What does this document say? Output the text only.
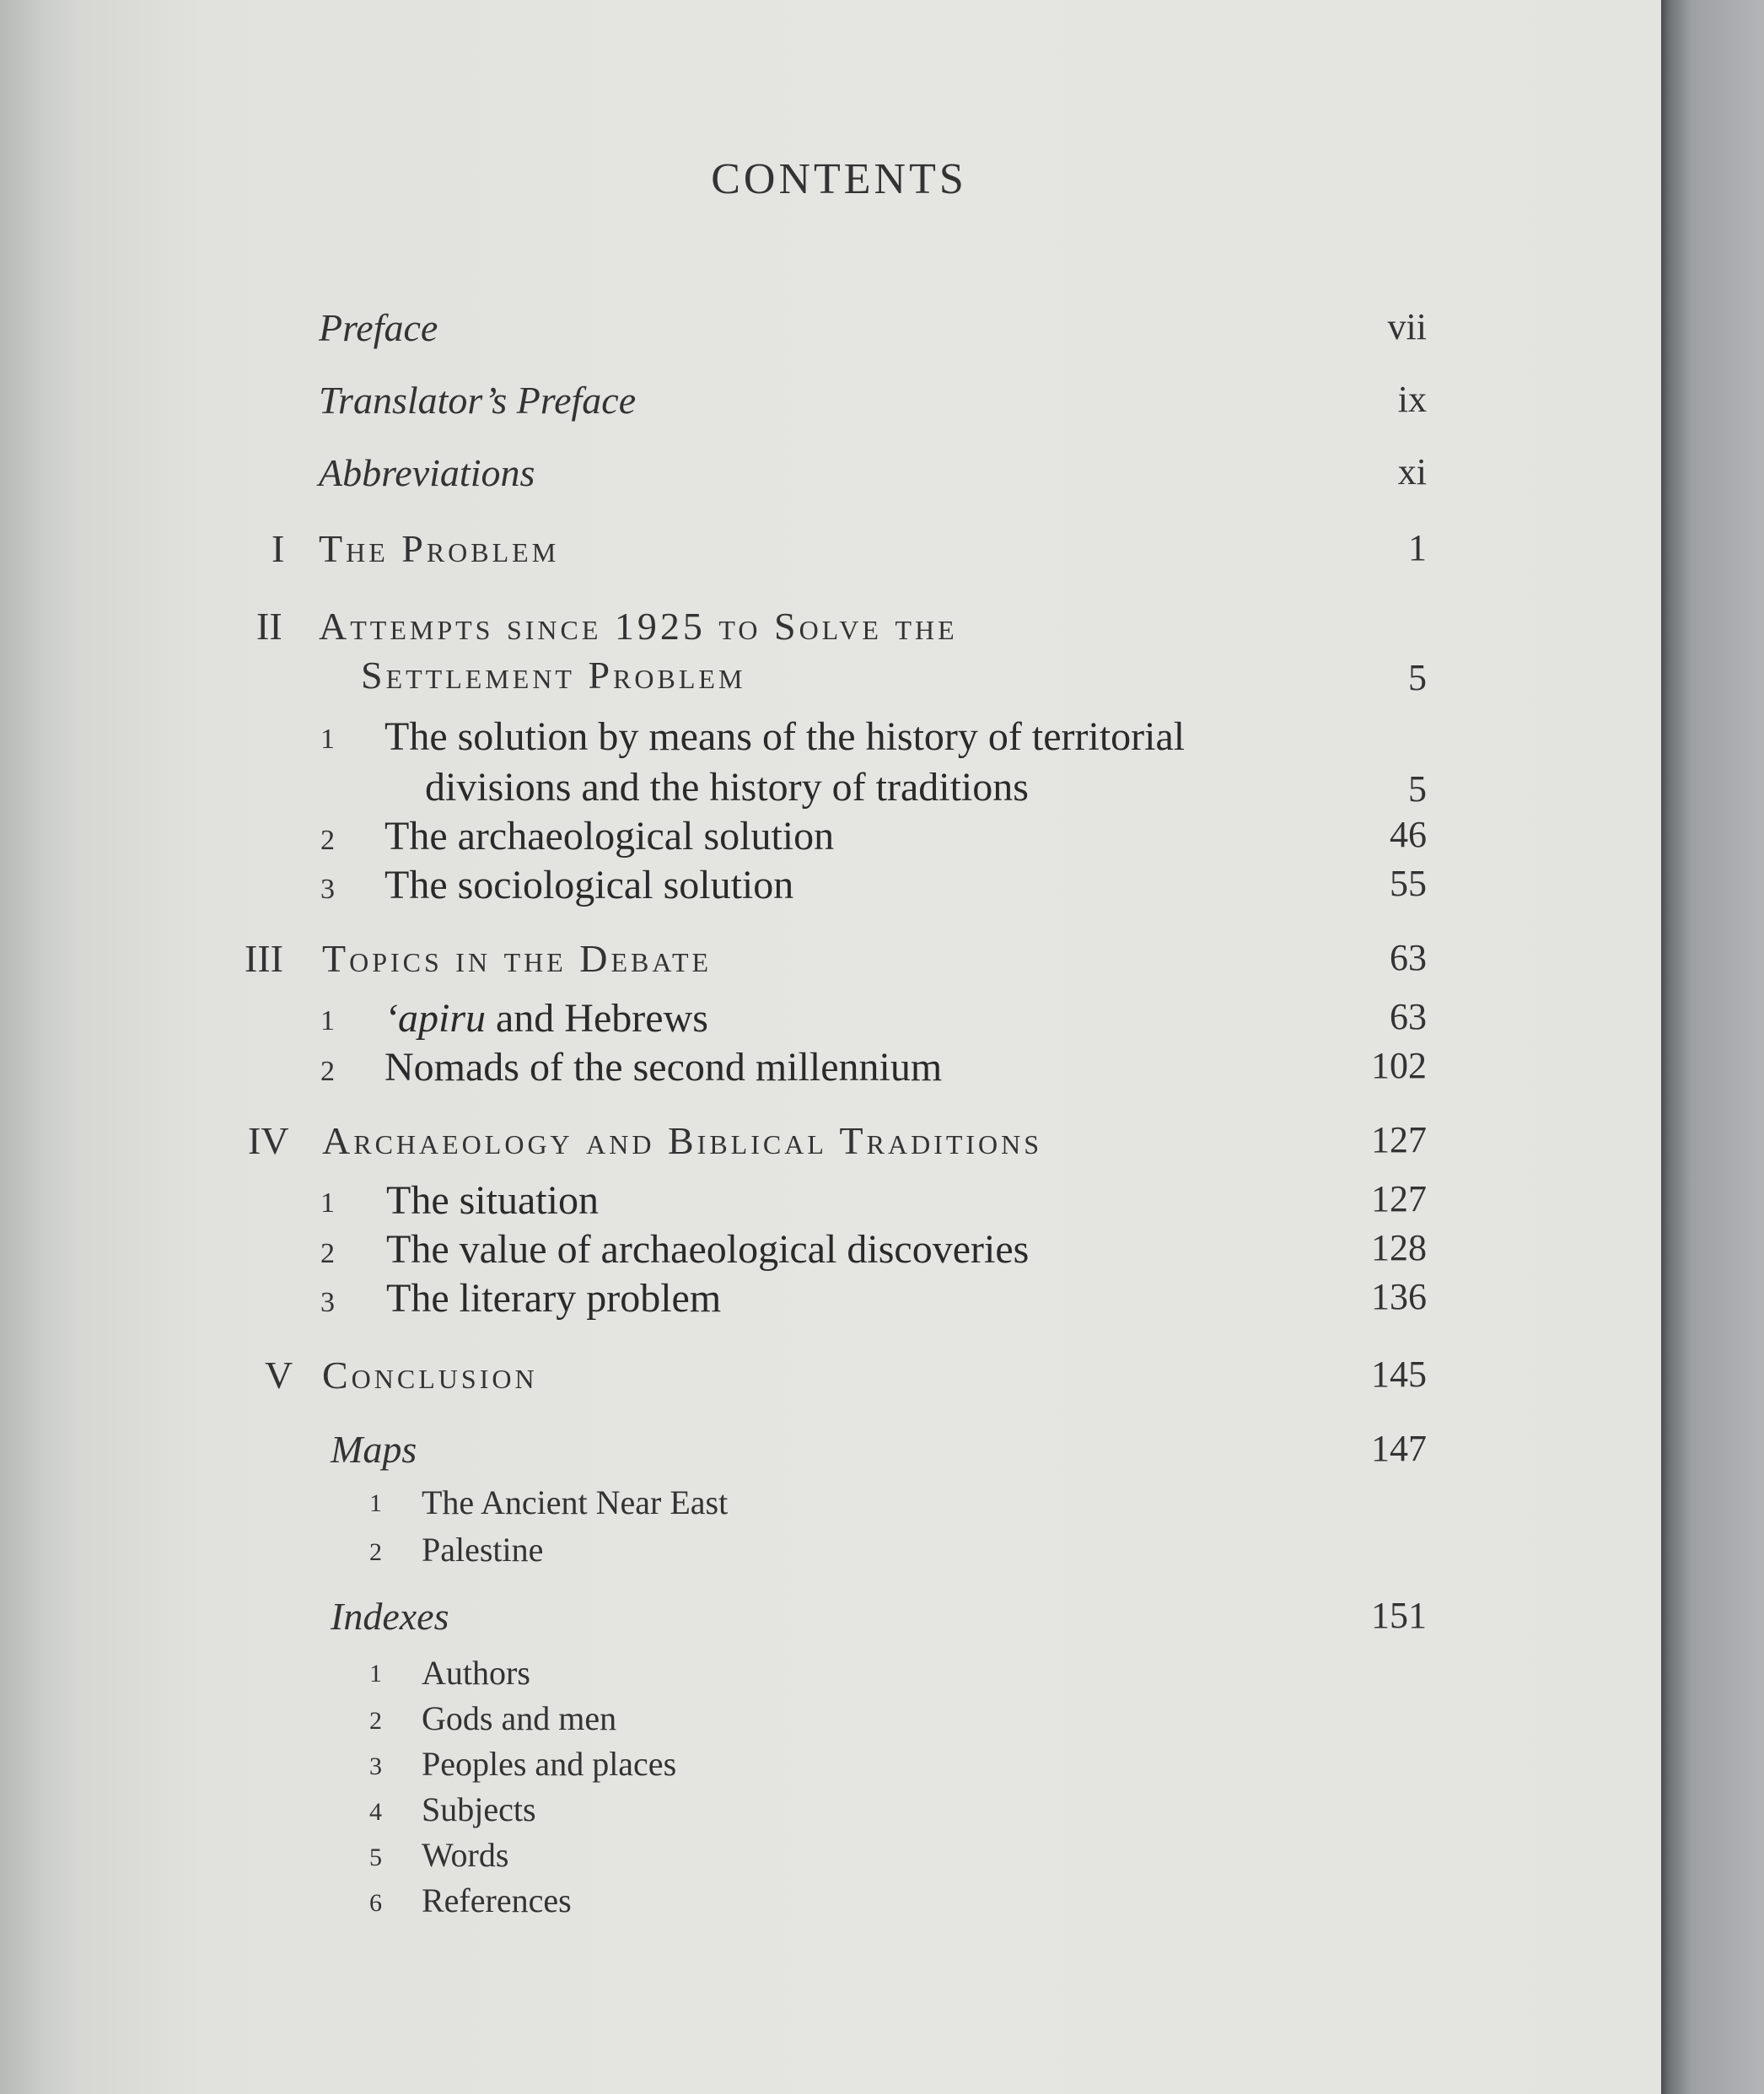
CONTENTS
Preface	vii
Translator’s Preface	ix
Abbreviations	xi
I The Problem	1
II Attempts since 1925 to Solve the
Settlement Problem	5
1 The solution by means of the history of territorial
divisions and the history of traditions	5
2 The archaeological solution	46
3 The sociological solution	55
III Topics in the Debate	63
1 ‘apiru and Hebrews	63
2 Nomads of the second millennium	102
IV Archaeology and Biblical Traditions	127
1 The situation	127
2 The value of archaeological discoveries	128
3 The literary problem	136
V Conclusion	145
Maps	147
1 The Ancient Near East
2 Palestine
Indexes	151
1 Authors
2 Gods and men
3 Peoples and places
4 Subjects
5 Words
6 References
